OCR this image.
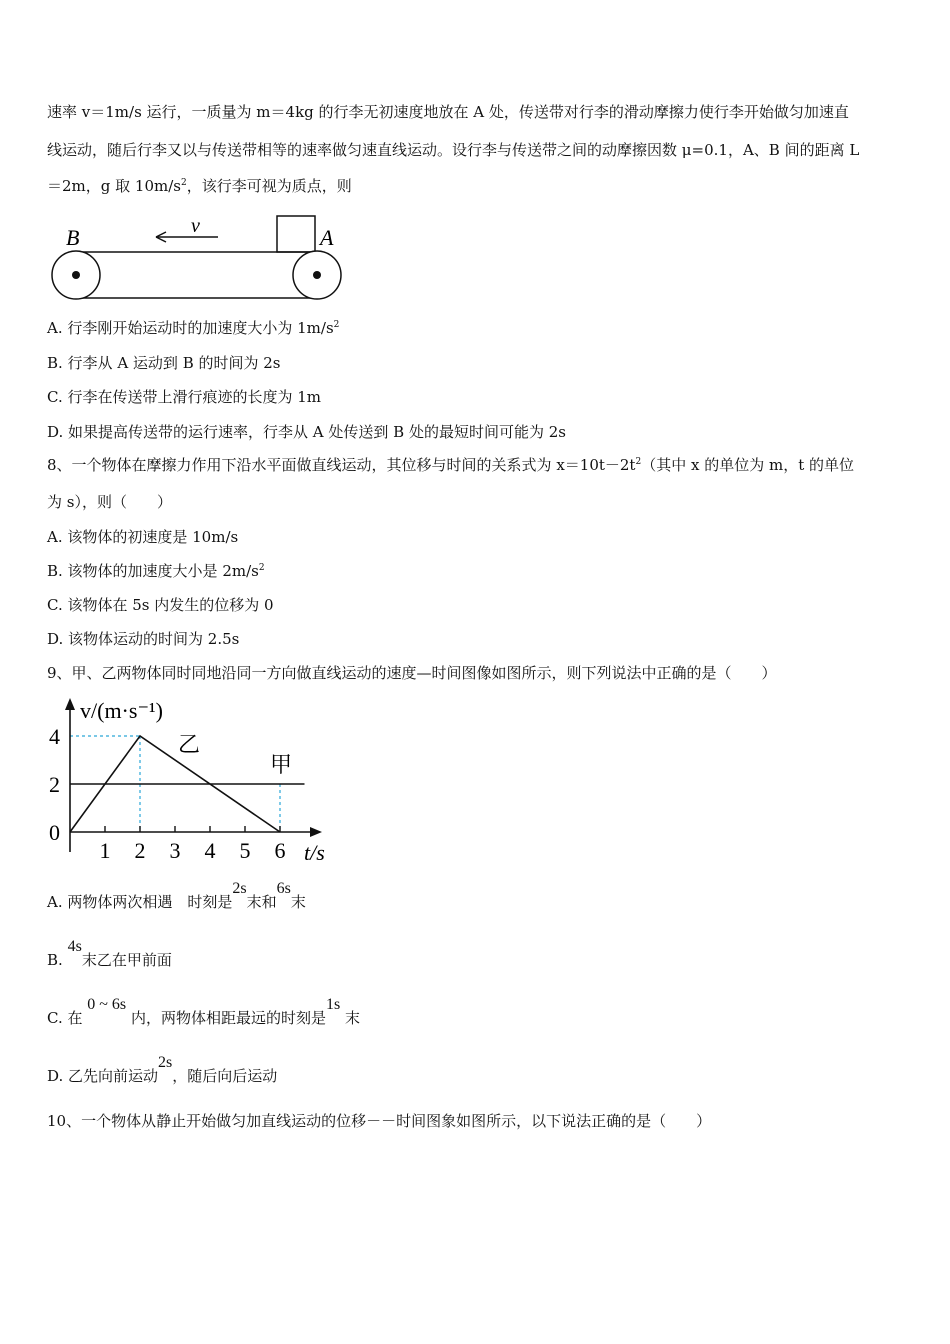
速率 v＝1m/s 运行，一质量为 m＝4kg 的行李无初速度地放在 A 处，传送带对行李的滑动摩擦力使行李开始做匀加速直
线运动，随后行李又以与传送带相等的速率做匀速直线运动。设行李与传送带之间的动摩擦因数 μ=0.1，A、B 间的距离 L
＝2m，g 取 $10m/s^2$，该行李可视为质点，则
B	A
v
A. 行李刚开始运动时的加速度大小为 $1m/s^2$
B. 行李从 A 运动到 B 的时间为 2s
C. 行李在传送带上滑行痕迹的长度为 1m
D. 如果提高传送带的运行速率，行李从 A 处传送到 B 处的最短时间可能为 2s
8、一个物体在摩擦力作用下沿水平面做直线运动，其位移与时间的关系式为 $x=10t-2t^2$（其中 x 的单位为 m，t 的单位
为 s），则（　　）
A. 该物体的初速度是 10m/s
B. 该物体的加速度大小是 $2m/s^2$
C. 该物体在 5s 内发生的位移为 0
D. 该物体运动的时间为 2.5s
9、甲、乙两物体同时同地沿同一方向做直线运动的速度—时间图像如图所示，则下列说法中正确的是（　　）
1 2 3 4 5 6
0
2
4
t/s
v/(m·s⁻¹)
甲
乙
A. 两物体两次相遇　时刻是2s末和6s末
B. 4s末乙在甲前面
C. 在 0 ~ 6s 内，两物体相距最远的时刻是1s 末
D. 乙先向前运动2s，随后向后运动
10、一个物体从静止开始做匀加直线运动的位移－－时间图象如图所示，以下说法正确的是（　　）
